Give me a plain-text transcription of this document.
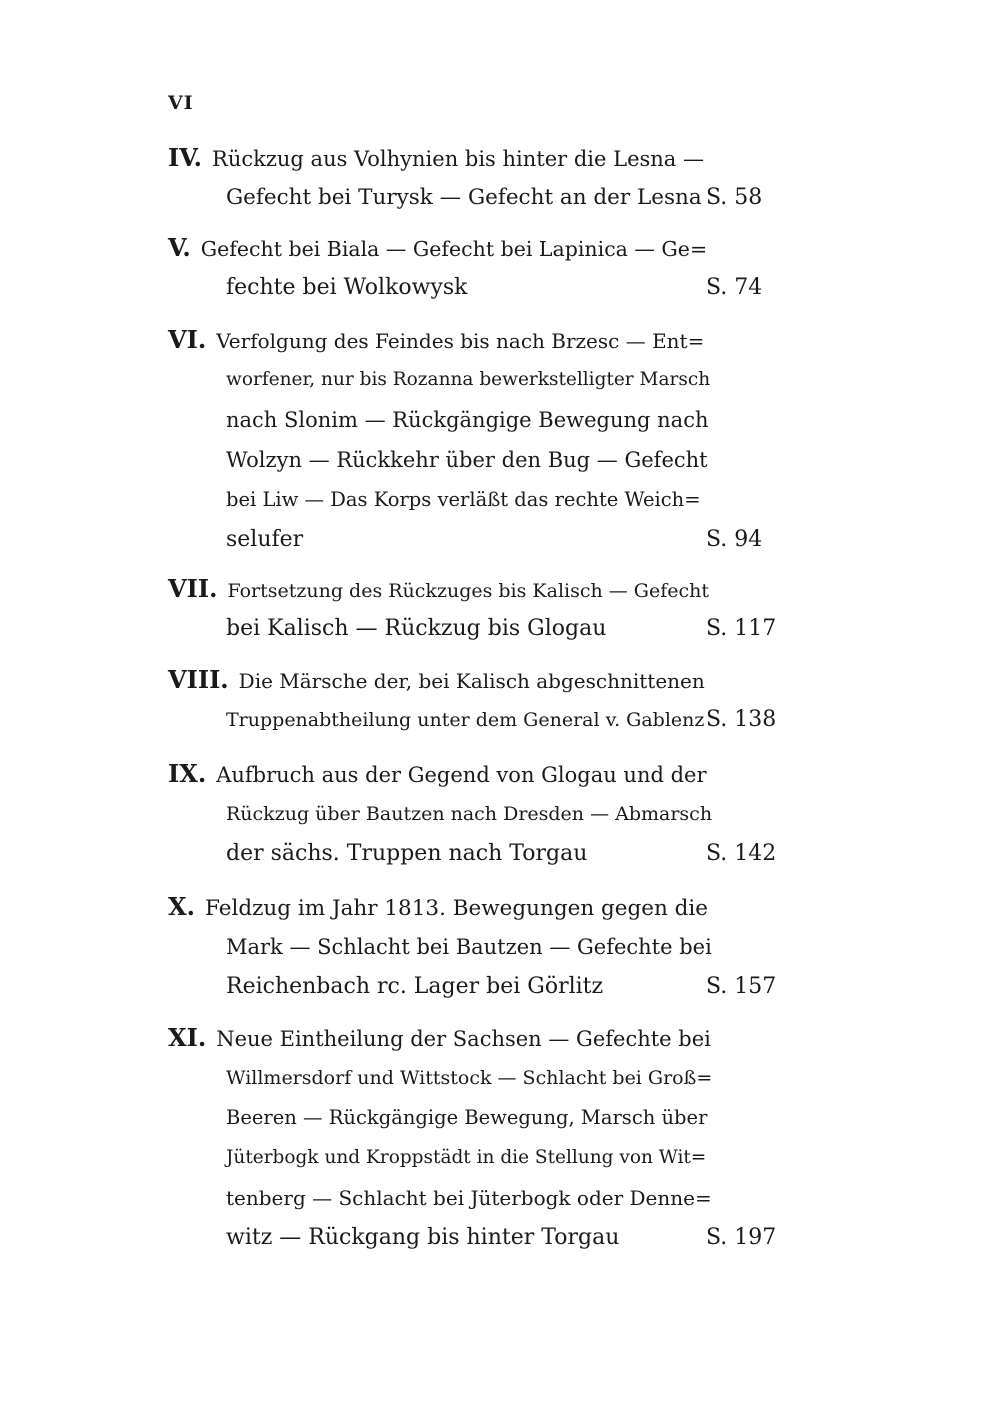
VI
IV. Rückzug aus Volhynien bis hinter die Lesna —
Gefecht bei Turysk — Gefecht an der Lesna S. 58
V. Gefecht bei Biala — Gefecht bei Lapinica — Ge=
fechte bei Wolkowysk	S. 74
VI. Verfolgung des Feindes bis nach Brzesc — Ent=
worfener, nur bis Rozanna bewerkstelligter Marsch
nach Slonim — Rückgängige Bewegung nach
Wolzyn — Rückkehr über den Bug — Gefecht
bei Liw — Das Korps verläßt das rechte Weich=
selufer	S. 94
VII. Fortsetzung des Rückzuges bis Kalisch — Gefecht
bei Kalisch — Rückzug bis Glogau	S. 117
VIII. Die Märsche der, bei Kalisch abgeschnittenen
Truppenabtheilung unter dem General v. Gablenz S. 138
IX. Aufbruch aus der Gegend von Glogau und der
Rückzug über Bautzen nach Dresden — Abmarsch
der sächs. Truppen nach Torgau	S. 142
X. Feldzug im Jahr 1813. Bewegungen gegen die
Mark — Schlacht bei Bautzen — Gefechte bei
Reichenbach rc. Lager bei Görlitz	S. 157
XI. Neue Eintheilung der Sachsen — Gefechte bei
Willmersdorf und Wittstock — Schlacht bei Groß=
Beeren — Rückgängige Bewegung, Marsch über
Jüterbogk und Kroppstädt in die Stellung von Wit=
tenberg — Schlacht bei Jüterbogk oder Denne=
witz — Rückgang bis hinter Torgau	S. 197
